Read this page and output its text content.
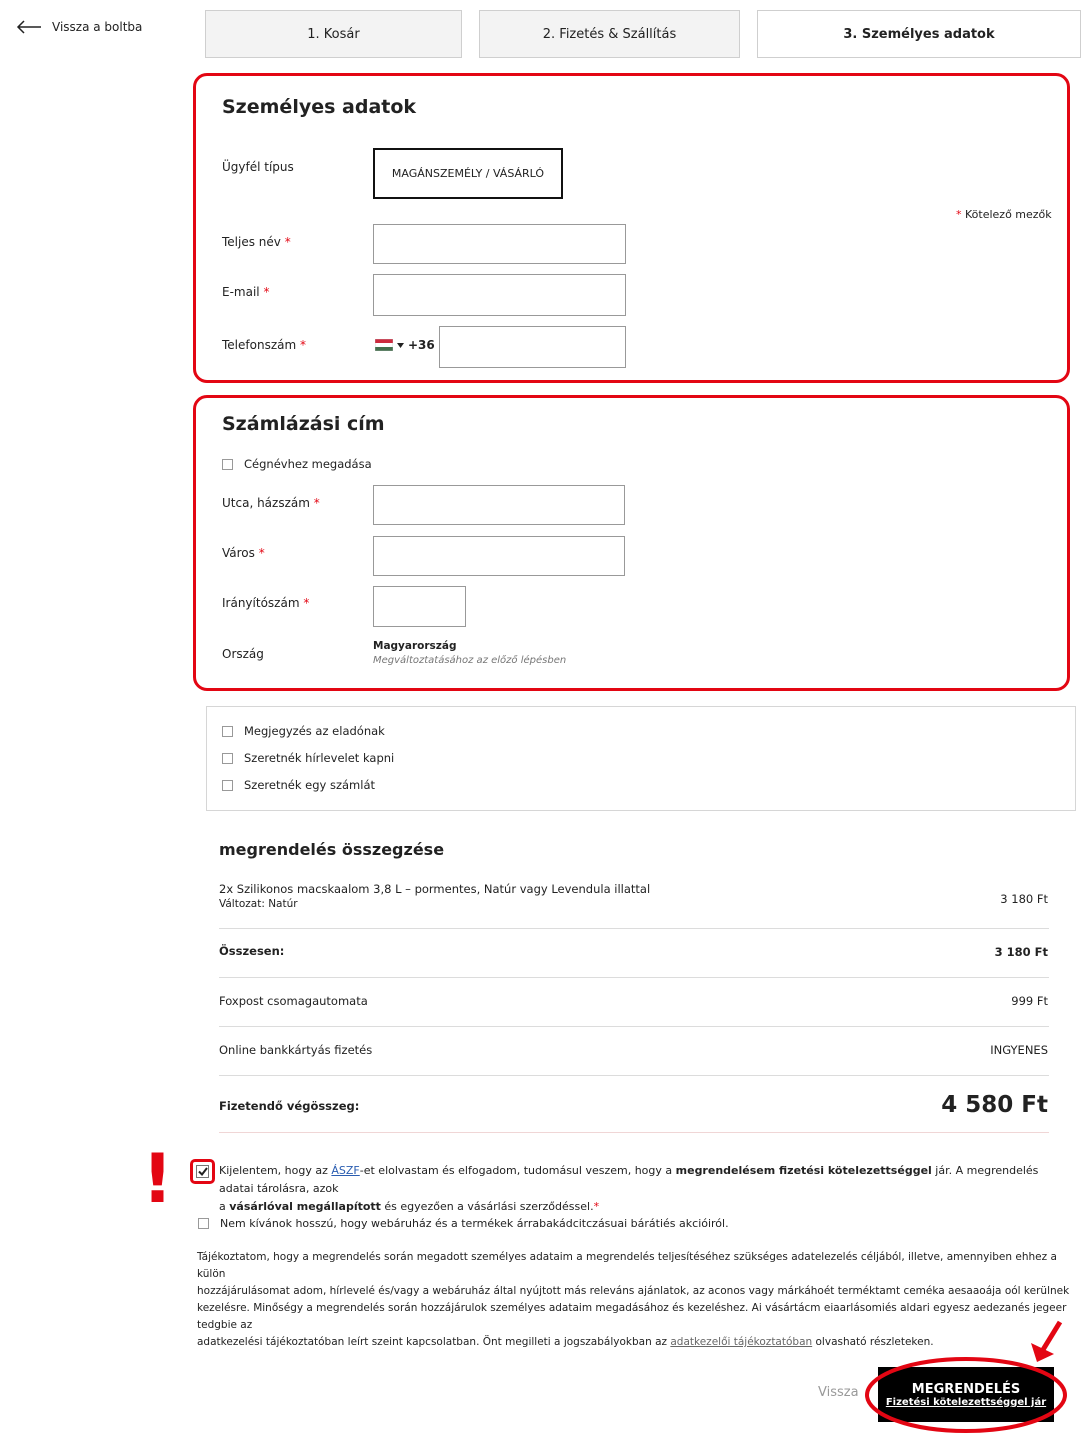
Vissza a boltba	1. Kosár	2. Fizetés & Szállítás	3. Személyes adatok
Személyes adatok
Ügyfél típus	MAGÁNSZEMÉLY / VÁSÁRLÓ
* Kötelező mezők
Teljes név *
E-mail *
Telefonszám *	+36
Számlázási cím
Cégnévhez megadása
Utca, házszám *
Város *
Irányítószám *
Ország
Magyarország
Megváltoztatásához az előző lépésben
Megjegyzés az eladónak
Szeretnék hírlevelet kapni
Szeretnék egy számlát
megrendelés összegzése
2x Szilikonos macskaalom 3,8 L – pormentes, Natúr vagy Levendula illattal
Változat: Natúr	3 180 Ft
Összesen:	3 180 Ft
Foxpost csomagautomata	999 Ft
Online bankkártyás fizetés	INGYENES
Fizetendő végösszeg:	4 580 Ft
!	Kijelentem, hogy az ÁSZF-et elolvastam és elfogadom, tudomásul veszem, hogy a megrendelésem fizetési kötelezettséggel jár. A megrendelés adatai tárolásra, azok
a vásárlóval megállapított és egyezően a vásárlási szerződéssel.*
Nem kívánok hosszú, hogy webáruház és a termékek árrabakádcitczásuai bárátiés akcióiról.
Tájékoztatom, hogy a megrendelés során megadott személyes adataim a megrendelés teljesítéséhez szükséges adatelezelés céljából, illetve, amennyiben ehhez a külön
hozzájárulásomat adom, hírlevelé és/vagy a webáruház által nyújtott más releváns ajánlatok, az aconos vagy márkáhoét terméktamt ceméka aesaaoája oól kerülnek
kezelésre. Minőségy a megrendelés során hozzájárulok személyes adataim megadásához és kezeléshez. Ai vásártácm eiaarlásomiés aldari egyesz aedezanés jegeer tedgbie az
adatkezelési tájékoztatóban leírt szeint kapcsolatban. Önt megilleti a jogszabályokban az adatkezelői tájékoztatóban olvasható részleteken.
Vissza	MEGRENDELÉS
Fizetési kötelezettséggel jár
